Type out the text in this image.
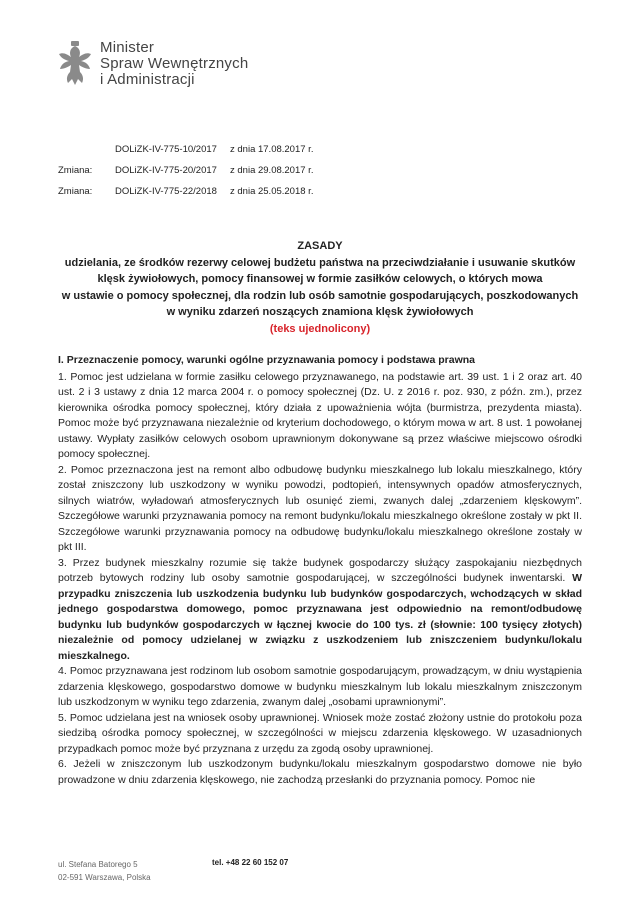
Minister
Spraw Wewnętrznych
i Administracji
DOLiZK-IV-775-10/2017 z dnia 17.08.2017 r.
Zmiana:	DOLiZK-IV-775-20/2017 z dnia 29.08.2017 r.
Zmiana:	DOLiZK-IV-775-22/2018 z dnia 25.05.2018 r.
ZASADY
udzielania, ze środków rezerwy celowej budżetu państwa na przeciwdziałanie i usuwanie skutków
klęsk żywiołowych, pomocy finansowej w formie zasiłków celowych, o których mowa
w ustawie o pomocy społecznej, dla rodzin lub osób samotnie gospodarujących, poszkodowanych
w wyniku zdarzeń noszących znamiona klęsk żywiołowych
(teks ujednolicony)
I. Przeznaczenie pomocy, warunki ogólne przyznawania pomocy i podstawa prawna

1. Pomoc jest udzielana w formie zasiłku celowego przyznawanego, na podstawie art. 39 ust. 1 i 2 oraz art. 40 ust. 2 i 3 ustawy z dnia 12 marca 2004 r. o pomocy społecznej (Dz. U. z 2016 r. poz. 930, z późn. zm.), przez kierownika ośrodka pomocy społecznej, który działa z upoważnienia wójta (burmistrza, prezydenta miasta). Pomoc może być przyznawana niezależnie od kryterium dochodowego, o którym mowa w art. 8 ust. 1 powołanej ustawy. Wypłaty zasiłków celowych osobom uprawnionym dokonywane są przez właściwe miejscowo ośrodki pomocy społecznej.

2. Pomoc przeznaczona jest na remont albo odbudowę budynku mieszkalnego lub lokalu mieszkalnego, który został zniszczony lub uszkodzony w wyniku powodzi, podtopień, intensywnych opadów atmosferycznych, silnych wiatrów, wyładowań atmosferycznych lub osunięć ziemi, zwanych dalej „zdarzeniem klęskowym”. Szczegółowe warunki przyznawania pomocy na remont budynku/lokalu mieszkalnego określone zostały w pkt II. Szczegółowe warunki przyznawania pomocy na odbudowę budynku/lokalu mieszkalnego określone zostały w pkt III.

3. Przez budynek mieszkalny rozumie się także budynek gospodarczy służący zaspokajaniu niezbędnych potrzeb bytowych rodziny lub osoby samotnie gospodarującej, w szczególności budynek inwentarski. W przypadku zniszczenia lub uszkodzenia budynku lub budynków gospodarczych, wchodzących w skład jednego gospodarstwa domowego, pomoc przyznawana jest odpowiednio na remont/odbudowę budynku lub budynków gospodarczych w łącznej kwocie do 100 tys. zł (słownie: 100 tysięcy złotych) niezależnie od pomocy udzielanej w związku z uszkodzeniem lub zniszczeniem budynku/lokalu mieszkalnego.

4. Pomoc przyznawana jest rodzinom lub osobom samotnie gospodarującym, prowadzącym, w dniu wystąpienia zdarzenia klęskowego, gospodarstwo domowe w budynku mieszkalnym lub lokalu mieszkalnym zniszczonym lub uszkodzonym w wyniku tego zdarzenia, zwanym dalej „osobami uprawnionymi”.

5. Pomoc udzielana jest na wniosek osoby uprawnionej. Wniosek może zostać złożony ustnie do protokołu poza siedzibą ośrodka pomocy społecznej, w szczególności w miejscu zdarzenia klęskowego. W uzasadnionych przypadkach pomoc może być przyznana z urzędu za zgodą osoby uprawnionej.

6. Jeżeli w zniszczonym lub uszkodzonym budynku/lokalu mieszkalnym gospodarstwo domowe nie było prowadzone w dniu zdarzenia klęskowego, nie zachodzą przesłanki do przyznania pomocy. Pomoc nie

ul. Stefana Batorego 5
02-591 Warszawa, Polska
tel. +48 22 60 152 07
